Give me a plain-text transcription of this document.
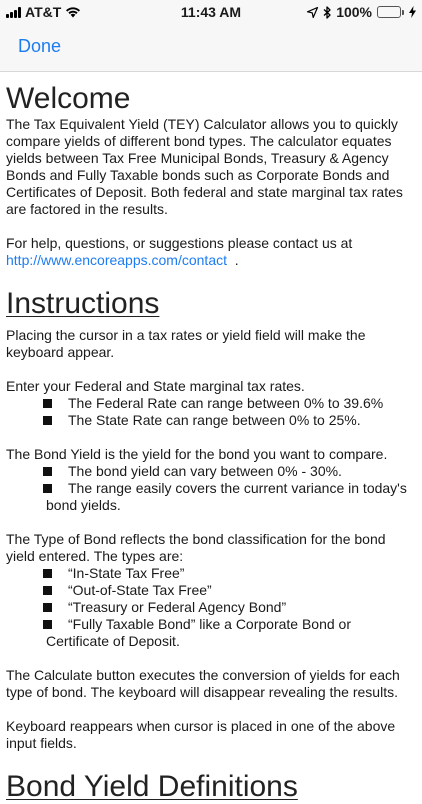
AT&T	11:43 AM	100%
Done
Welcome

The Tax Equivalent Yield (TEY) Calculator allows you to quickly compare yields of different bond types. The calculator equates yields between Tax Free Municipal Bonds, Treasury & Agency Bonds and Fully Taxable bonds such as Corporate Bonds and Certificates of Deposit. Both federal and state marginal tax rates are factored in the results.

For help, questions, or suggestions please contact us at  http://www.encoreapps.com/contact .

Instructions

Placing the cursor in a tax rates or yield field will make the keyboard appear.

Enter your Federal and State marginal tax rates.

The Federal Rate can range between 0% to 39.6%
The State Rate can range between 0% to 25%.

The Bond Yield is the yield for the bond you want to compare.

The bond yield can vary between 0% - 30%.
The range easily covers the current variance in today's bond yields.

The Type of Bond reflects the bond classification for the bond yield entered. The types are:

“In-State Tax Free”
“Out-of-State Tax Free”
“Treasury or Federal Agency Bond”
“Fully Taxable Bond” like a Corporate Bond or Certificate of Deposit.

The Calculate button executes the conversion of yields for each type of bond. The keyboard will disappear revealing the results.

Keyboard reappears when cursor is placed in one of the above input fields.

Bond Yield Definitions
